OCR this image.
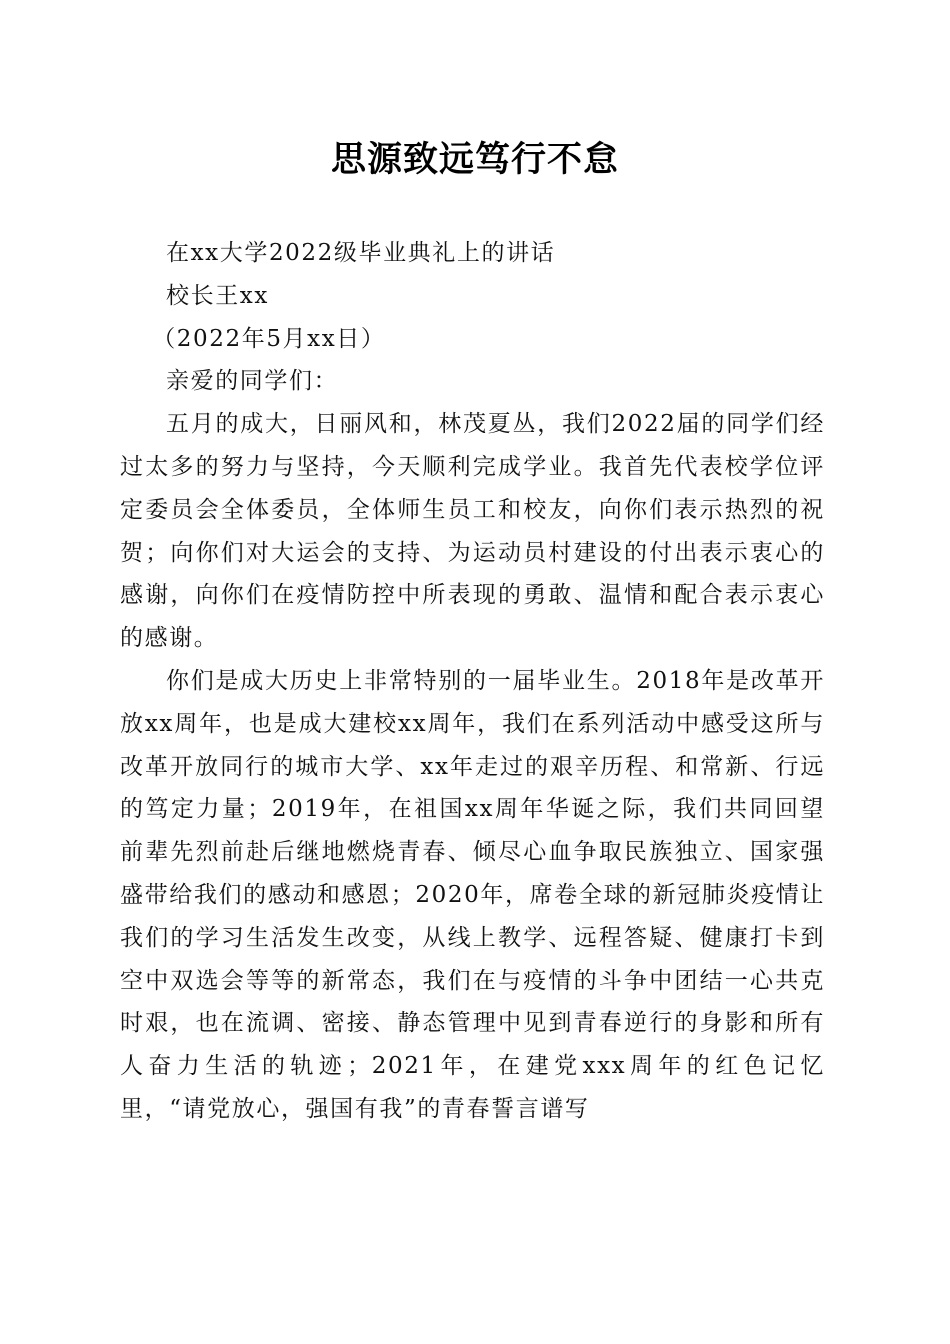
思源致远笃行不怠

在xx大学2022级毕业典礼上的讲话

校长王xx

（2022年5月xx日）

亲爱的同学们：

五月的成大，日丽风和，林茂夏丛，我们2022届的同学们经过太多的努力与坚持，今天顺利完成学业。我首先代表校学位评定委员会全体委员，全体师生员工和校友，向你们表示热烈的祝贺；向你们对大运会的支持、为运动员村建设的付出表示衷心的感谢，向你们在疫情防控中所表现的勇敢、温情和配合表示衷心的感谢。

你们是成大历史上非常特别的一届毕业生。2018年是改革开放xx周年，也是成大建校xx周年，我们在系列活动中感受这所与改革开放同行的城市大学、xx年走过的艰辛历程、和常新、行远的笃定力量；2019年，在祖国xx周年华诞之际，我们共同回望前辈先烈前赴后继地燃烧青春、倾尽心血争取民族独立、国家强盛带给我们的感动和感恩；2020年，席卷全球的新冠肺炎疫情让我们的学习生活发生改变，从线上教学、远程答疑、健康打卡到空中双选会等等的新常态，我们在与疫情的斗争中团结一心共克时艰，也在流调、密接、静态管理中见到青春逆行的身影和所有人奋力生活的轨迹；2021年，在建党xxx周年的红色记忆里，“请党放心，强国有我”的青春誓言谱写
